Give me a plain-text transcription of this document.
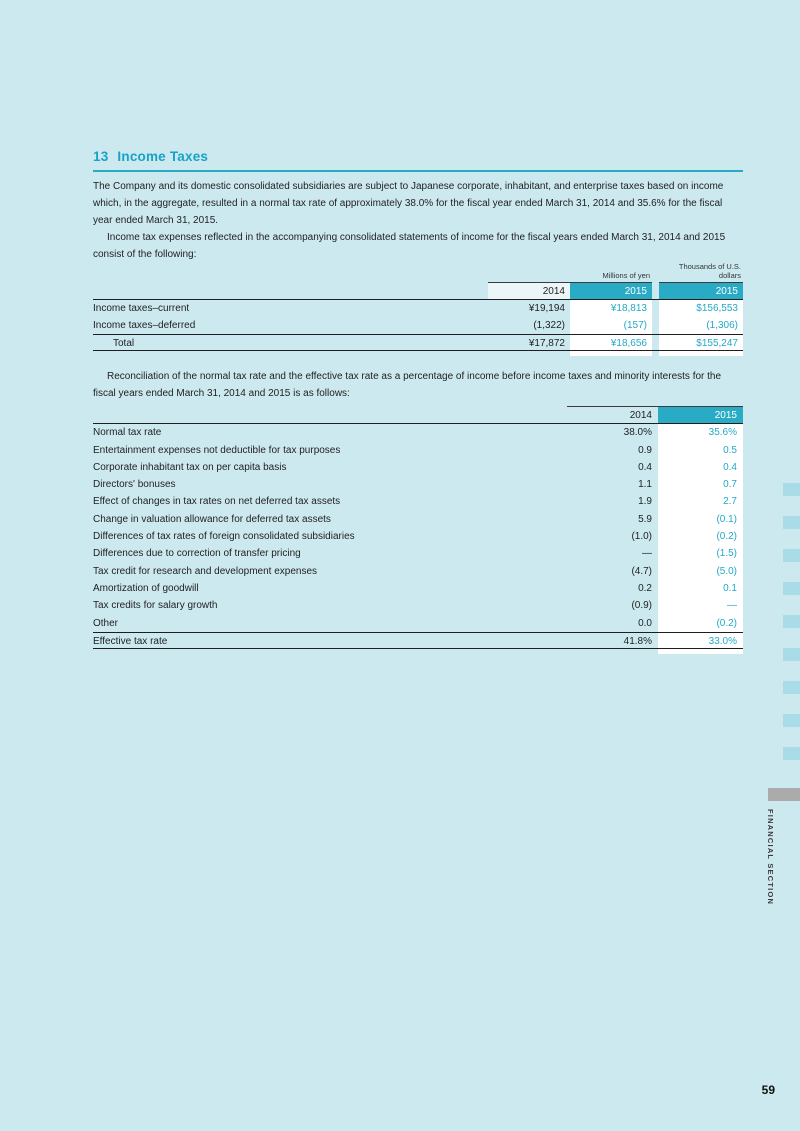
13 Income Taxes

The Company and its domestic consolidated subsidiaries are subject to Japanese corporate, inhabitant, and enterprise taxes based on income which, in the aggregate, resulted in a normal tax rate of approximately 38.0% for the fiscal year ended March 31, 2014 and 35.6% for the fiscal year ended March 31, 2015.

Income tax expenses reflected in the accompanying consolidated statements of income for the fiscal years ended March 31, 2014 and 2015 consist of the following:

Millions of yen
Thousands of U.S. dollars
2014	2015	2015
Income taxes–current	¥19,194	¥18,813	$156,553
Income taxes–deferred	(1,322)	(157)	(1,306)
Total	¥17,872	¥18,656	$155,247

Reconciliation of the normal tax rate and the effective tax rate as a percentage of income before income taxes and minority interests for the fiscal years ended March 31, 2014 and 2015 is as follows:

2014	2015
Normal tax rate	38.0%	35.6%
Entertainment expenses not deductible for tax purposes	0.9	0.5
Corporate inhabitant tax on per capita basis	0.4	0.4
Directors' bonuses	1.1	0.7
Effect of changes in tax rates on net deferred tax assets	1.9	2.7
Change in valuation allowance for deferred tax assets	5.9	(0.1)
Differences of tax rates of foreign consolidated subsidiaries	(1.0)	(0.2)
Differences due to correction of transfer pricing	—	(1.5)
Tax credit for research and development expenses	(4.7)	(5.0)
Amortization of goodwill	0.2	0.1
Tax credits for salary growth	(0.9)	—
Other	0.0	(0.2)
Effective tax rate	41.8%	33.0%
FINANCIAL SECTION
59
